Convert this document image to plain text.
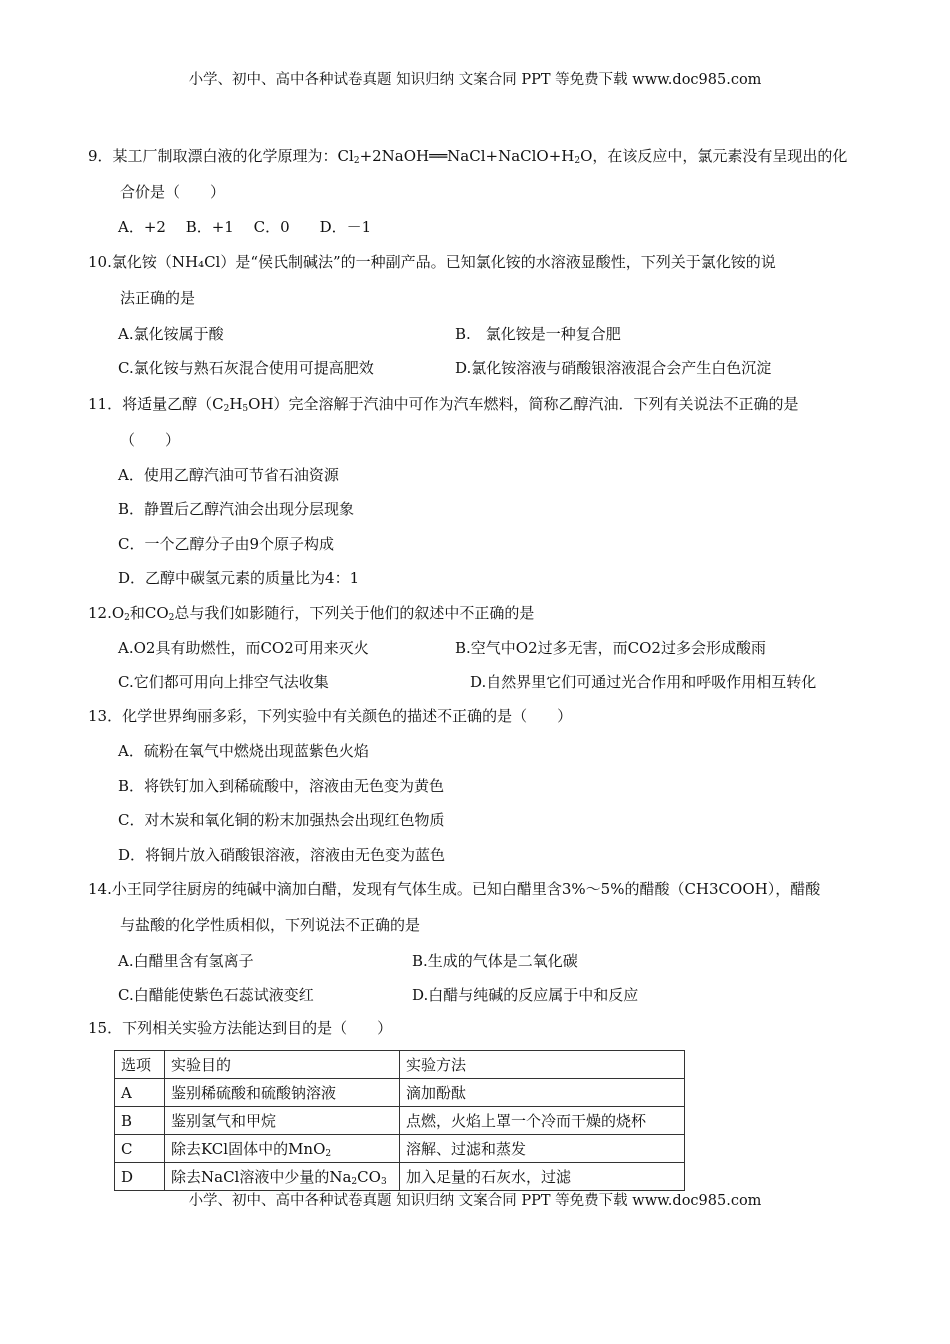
小学、初中、高中各种试卷真题 知识归纳 文案合同 PPT 等免费下载 www.doc985.com
9．某工厂制取漂白液的化学原理为：$Cl_2+2NaOH══NaCl+NaClO+H_2O$，在该反应中，氯元素没有呈现出的化
合价是（　　）
A．+2　 B．+1　 C．0　　D．－1
10.氯化铵（NH₄Cl）是“侯氏制碱法”的一种副产品。已知氯化铵的水溶液显酸性，下列关于氯化铵的说
法正确的是
A.氯化铵属于酸	B.　氯化铵是一种复合肥
C.氯化铵与熟石灰混合使用可提高肥效	D.氯化铵溶液与硝酸银溶液混合会产生白色沉淀
11．将适量乙醇$(C_2H_5OH)$完全溶解于汽油中可作为汽车燃料，简称乙醇汽油．下列有关说法不正确的是
（　　）
A．使用乙醇汽油可节省石油资源
B．静置后乙醇汽油会出现分层现象
C．一个乙醇分子由9个原子构成
D．乙醇中碳氢元素的质量比为4：1
$12.O_2$和$CO_2$总与我们如影随行，下列关于他们的叙述中不正确的是
A.O2具有助燃性，而CO2可用来灭火	B.空气中O2过多无害，而CO2过多会形成酸雨
C.它们都可用向上排空气法收集	D.自然界里它们可通过光合作用和呼吸作用相互转化
13．化学世界绚丽多彩，下列实验中有关颜色的描述不正确的是（　　）
A．硫粉在氧气中燃烧出现蓝紫色火焰
B．将铁钉加入到稀硫酸中，溶液由无色变为黄色
C．对木炭和氧化铜的粉末加强热会出现红色物质
D．将铜片放入硝酸银溶液，溶液由无色变为蓝色
14.小王同学往厨房的纯碱中滴加白醋，发现有气体生成。已知白醋里含3%～5%的醋酸（CH3COOH），醋酸
与盐酸的化学性质相似，下列说法不正确的是
A.白醋里含有氢离子	B.生成的气体是二氧化碳
C.白醋能使紫色石蕊试液变红	D.白醋与纯碱的反应属于中和反应
15．下列相关实验方法能达到目的是（　　）
选项	实验目的	实验方法
A	鉴别稀硫酸和硫酸钠溶液	滴加酚酞
B	鉴别氢气和甲烷	点燃，火焰上罩一个冷而干燥的烧杯
C	除去KCl固体中的MnO$_2$	溶解、过滤和蒸发
D	除去NaCl溶液中少量的$Na_2CO_3$	加入足量的石灰水，过滤
小学、初中、高中各种试卷真题 知识归纳 文案合同 PPT 等免费下载 www.doc985.com
